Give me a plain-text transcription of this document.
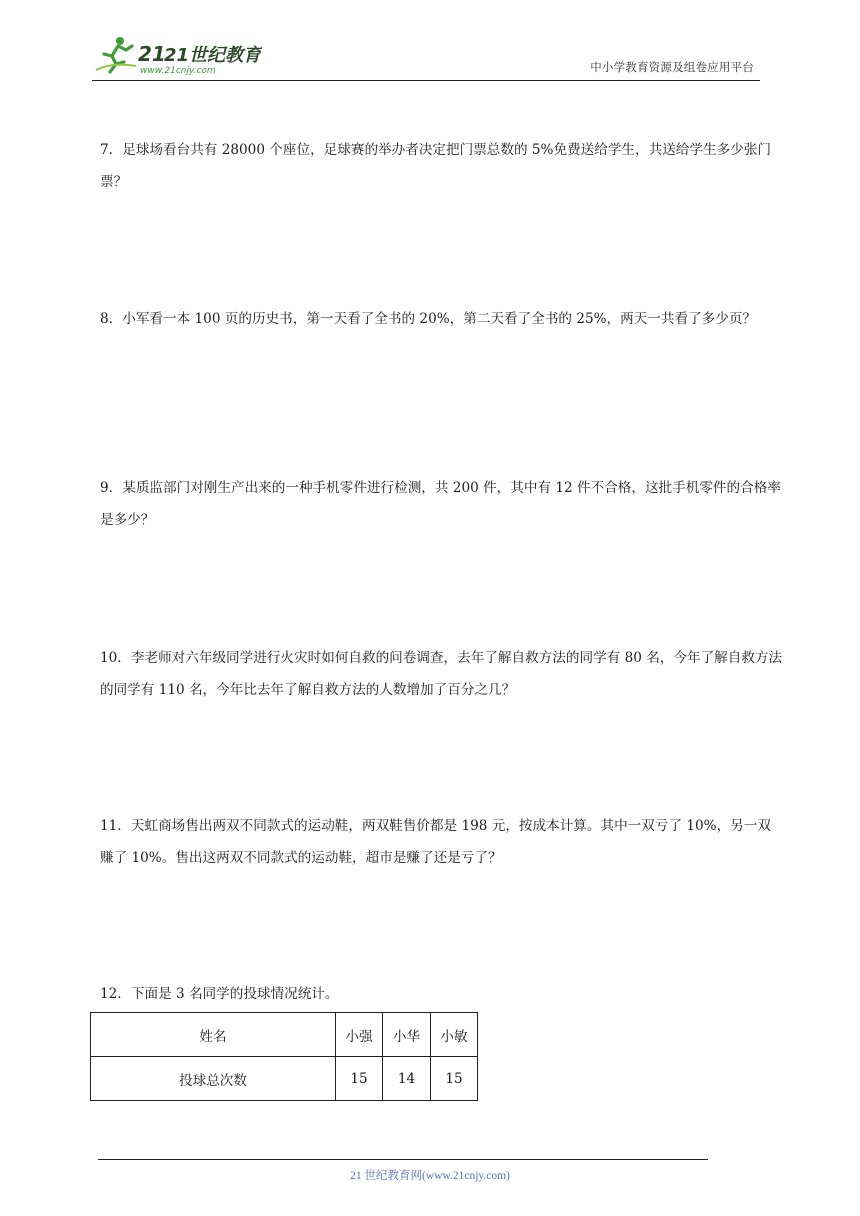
21
21世纪教育
www.21cnjy.com	中小学教育资源及组卷应用平台

7．足球场看台共有 28000 个座位，足球赛的举办者决定把门票总数的 5%免费送给学生，共送给学生多少张门票？

8．小军看一本 100 页的历史书，第一天看了全书的 20%，第二天看了全书的 25%，两天一共看了多少页？

9．某质监部门对刚生产出来的一种手机零件进行检测，共 200 件，其中有 12 件不合格，这批手机零件的合格率是多少？

10．李老师对六年级同学进行火灾时如何自救的问卷调查，去年了解自救方法的同学有 80 名，今年了解自救方法的同学有 110 名，今年比去年了解自救方法的人数增加了百分之几？

11．天虹商场售出两双不同款式的运动鞋，两双鞋售价都是 198 元，按成本计算。其中一双亏了 10%，另一双赚了 10%。售出这两双不同款式的运动鞋，超市是赚了还是亏了？

12．下面是 3 名同学的投球情况统计。

姓名	小强	小华	小敏
投球总次数	15	14	15
21 世纪教育网(www.21cnjy.com)
